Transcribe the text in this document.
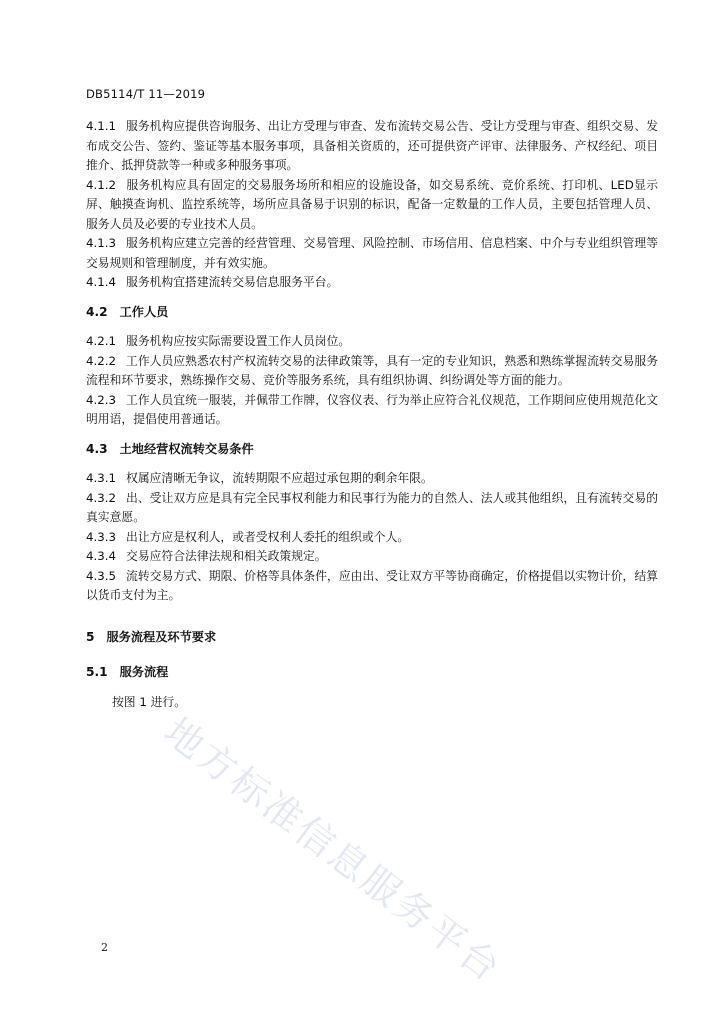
DB5114/T 11—2019

4.1.1 服务机构应提供咨询服务、出让方受理与审查、发布流转交易公告、受让方受理与审查、组织交易、发布成交公告、签约、鉴证等基本服务事项，具备相关资质的，还可提供资产评审、法律服务、产权经纪、项目推介、抵押贷款等一种或多种服务事项。

4.1.2 服务机构应具有固定的交易服务场所和相应的设施设备，如交易系统、竞价系统、打印机、LED显示屏、触摸查询机、监控系统等，场所应具备易于识别的标识，配备一定数量的工作人员，主要包括管理人员、服务人员及必要的专业技术人员。

4.1.3 服务机构应建立完善的经营管理、交易管理、风险控制、市场信用、信息档案、中介与专业组织管理等交易规则和管理制度，并有效实施。

4.1.4 服务机构宜搭建流转交易信息服务平台。

4.2 工作人员

4.2.1 服务机构应按实际需要设置工作人员岗位。

4.2.2 工作人员应熟悉农村产权流转交易的法律政策等，具有一定的专业知识，熟悉和熟练掌握流转交易服务流程和环节要求，熟练操作交易、竞价等服务系统，具有组织协调、纠纷调处等方面的能力。

4.2.3 工作人员宜统一服装，并佩带工作牌，仪容仪表、行为举止应符合礼仪规范，工作期间应使用规范化文明用语，提倡使用普通话。

4.3 土地经营权流转交易条件

4.3.1 权属应清晰无争议，流转期限不应超过承包期的剩余年限。

4.3.2 出、受让双方应是具有完全民事权利能力和民事行为能力的自然人、法人或其他组织，且有流转交易的真实意愿。

4.3.3 出让方应是权利人，或者受权利人委托的组织或个人。

4.3.4 交易应符合法律法规和相关政策规定。

4.3.5 流转交易方式、期限、价格等具体条件，应由出、受让双方平等协商确定，价格提倡以实物计价，结算以货币支付为主。

5 服务流程及环节要求

5.1 服务流程

按图 1 进行。

地方标准信息服务平台
2
